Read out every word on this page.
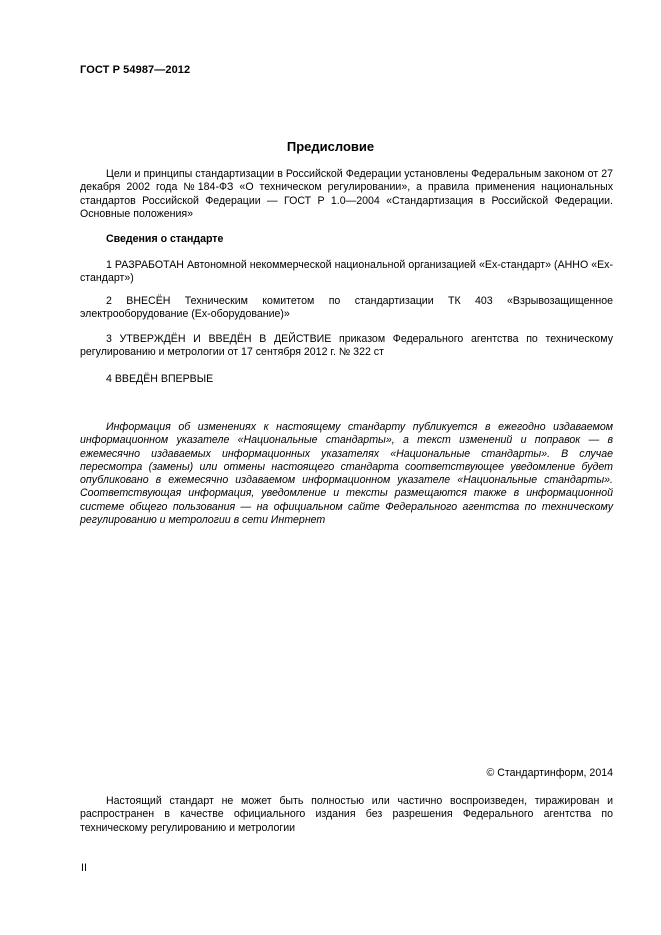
ГОСТ Р 54987—2012
Предисловие
Цели и принципы стандартизации в Российской Федерации установлены Федеральным законом от 27 декабря 2002 года №184-ФЗ «О техническом регулировании», а правила применения национальных стандартов Российской Федерации — ГОСТ Р 1.0—2004 «Стандартизация в Российской Федерации. Основные положения»
Сведения о стандарте
1 РАЗРАБОТАН Автономной некоммерческой национальной организацией «Ех-стандарт» (АННО «Ех-стандарт»)
2 ВНЕСЁН Техническим комитетом по стандартизации ТК 403 «Взрывозащищенное электрооборудование (Ех-оборудование)»
3 УТВЕРЖДЁН И ВВЕДЁН В ДЕЙСТВИЕ приказом Федерального агентства по техническому регулированию и метрологии от 17 сентября 2012 г. № 322 ст
4 ВВЕДЁН ВПЕРВЫЕ
Информация об изменениях к настоящему стандарту публикуется в ежегодно издаваемом информационном указателе «Национальные стандарты», а текст изменений и поправок — в ежемесячно издаваемых информационных указателях «Национальные стандарты». В случае пересмотра (замены) или отмены настоящего стандарта соответствующее уведомление будет опубликовано в ежемесячно издаваемом информационном указателе «Национальные стандарты». Соответствующая информация, уведомление и тексты размещаются также в информационной системе общего пользования — на официальном сайте Федерального агентства по техническому регулированию и метрологии в сети Интернет
© Стандартинформ, 2014
Настоящий стандарт не может быть полностью или частично воспроизведен, тиражирован и распространен в качестве официального издания без разрешения Федерального агентства по техническому регулированию и метрологии
II
